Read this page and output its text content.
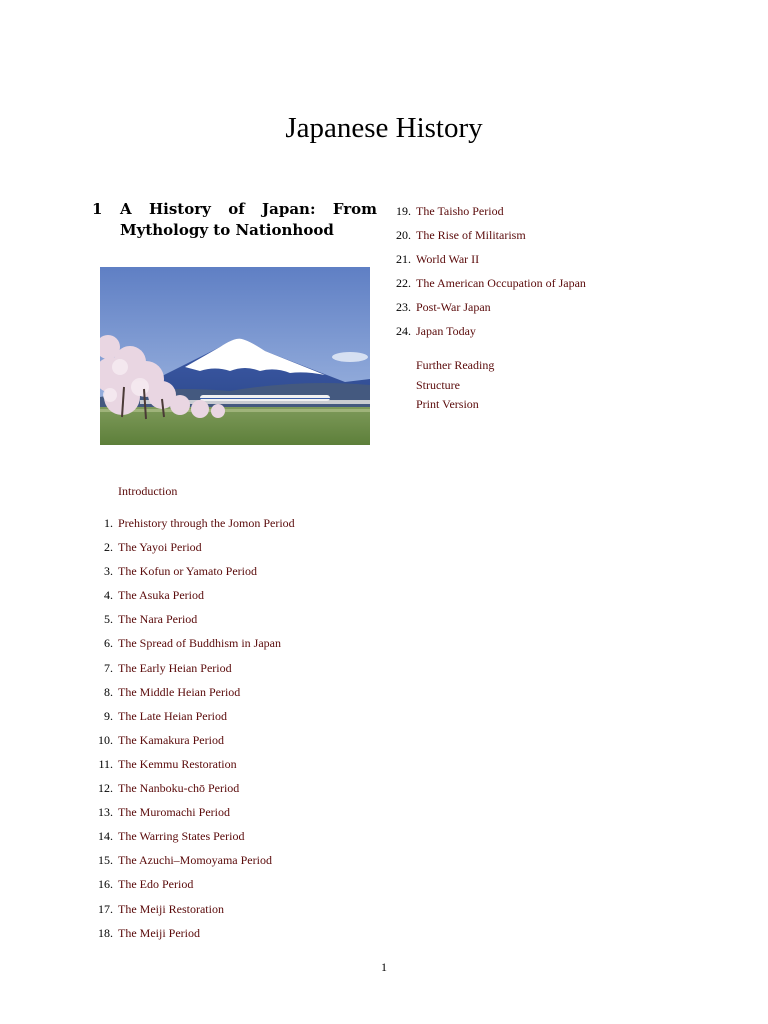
Japanese History
1 A History of Japan: From
Mythology to Nationhood
Introduction
1. Prehistory through the Jomon Period
2. The Yayoi Period
3. The Kofun or Yamato Period
4. The Asuka Period
5. The Nara Period
6. The Spread of Buddhism in Japan
7. The Early Heian Period
8. The Middle Heian Period
9. The Late Heian Period
10. The Kamakura Period
11. The Kemmu Restoration
12. The Nanboku-chō Period
13. The Muromachi Period
14. The Warring States Period
15. The Azuchi–Momoyama Period
16. The Edo Period
17. The Meiji Restoration
18. The Meiji Period
19. The Taisho Period
20. The Rise of Militarism
21. World War II
22. The American Occupation of Japan
23. Post-War Japan
24. Japan Today
Further Reading
Structure
Print Version
1
